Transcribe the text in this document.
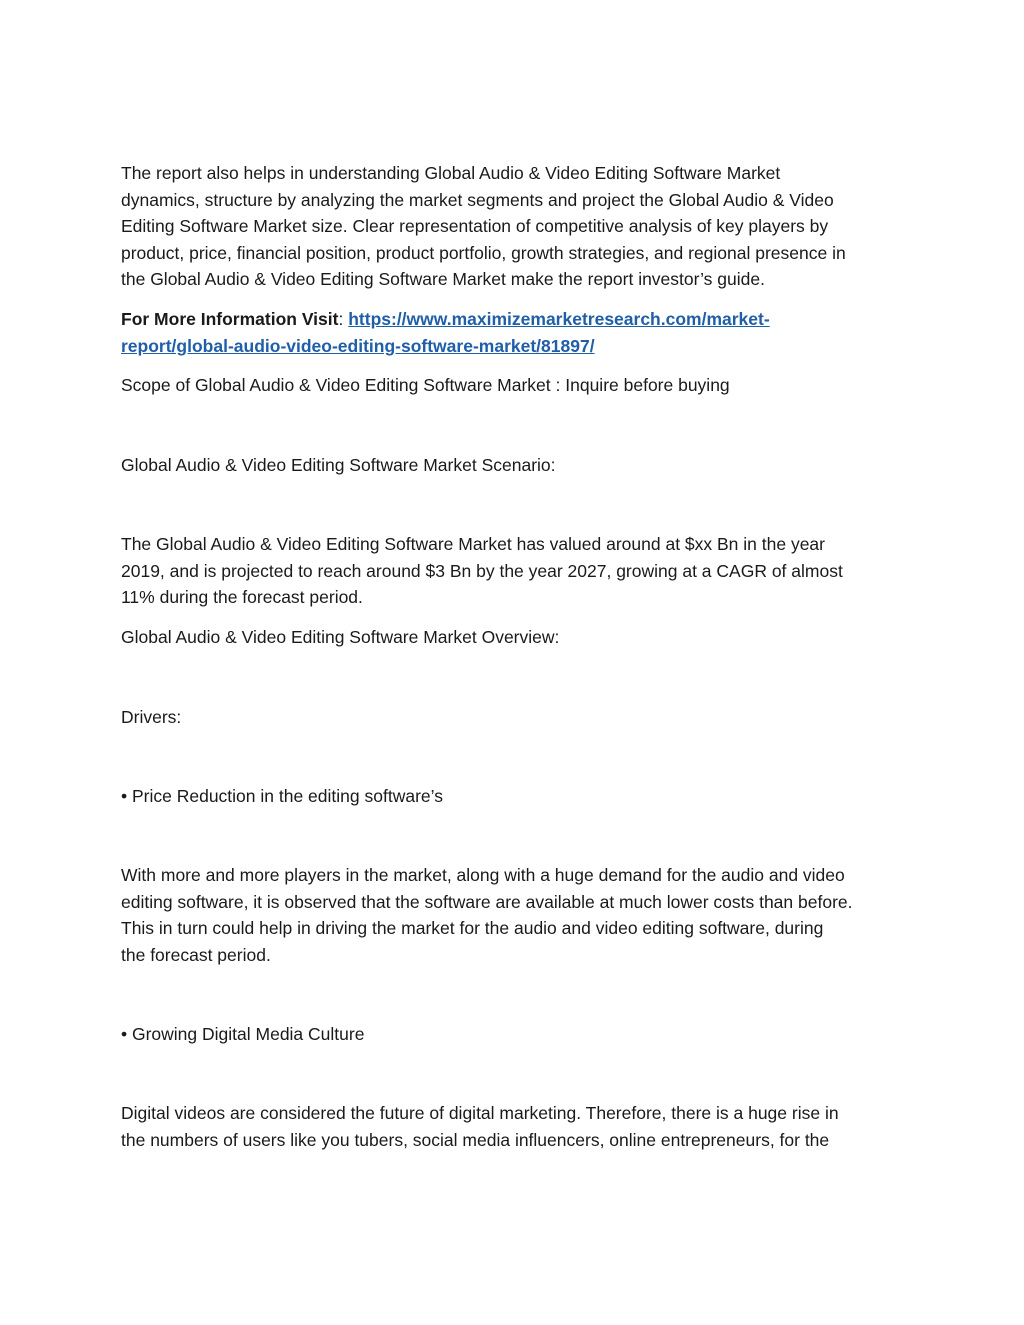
The report also helps in understanding Global Audio & Video Editing Software Market
dynamics, structure by analyzing the market segments and project the Global Audio & Video
Editing Software Market size. Clear representation of competitive analysis of key players by
product, price, financial position, product portfolio, growth strategies, and regional presence in
the Global Audio & Video Editing Software Market make the report investor’s guide.

For More Information Visit: https://www.maximizemarketresearch.com/market-
report/global-audio-video-editing-software-market/81897/

Scope of Global Audio & Video Editing Software Market : Inquire before buying

Global Audio & Video Editing Software Market Scenario:

The Global Audio & Video Editing Software Market has valued around at $xx Bn in the year
2019, and is projected to reach around $3 Bn by the year 2027, growing at a CAGR of almost
11% during the forecast period.

Global Audio & Video Editing Software Market Overview:

Drivers:

• Price Reduction in the editing software’s

With more and more players in the market, along with a huge demand for the audio and video
editing software, it is observed that the software are available at much lower costs than before.
This in turn could help in driving the market for the audio and video editing software, during
the forecast period.

• Growing Digital Media Culture

Digital videos are considered the future of digital marketing. Therefore, there is a huge rise in
the numbers of users like you tubers, social media influencers, online entrepreneurs, for the
